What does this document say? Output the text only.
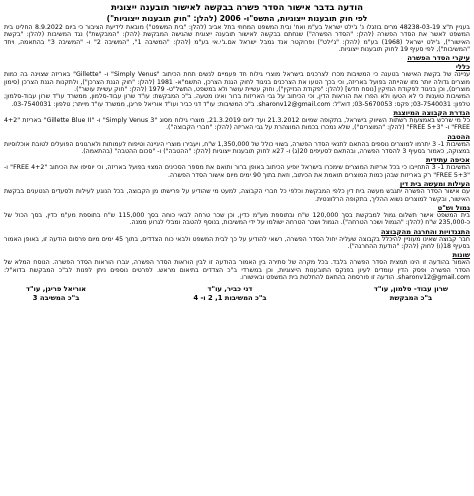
הודעה בדבר אישור הסדר פשרה בבקשה לאישור תובענה ייצוגית
לפי חוק תובענות ייצוגיות, התשס"ו- 2006 (להלן: "חוק תובענות ייצוגיות")

בעניין ת"צ 48238-03-19 מרים בוזגלו נ' ג'ילט ישראל בע"מ ואח' ובית המשפט המחוזי בתל אביב (להלן: "בית המשפט") מובאת לידיעת הציבור כי ביום 8.9.2022 החליט בית המשפט לאשר את הסדר הפשרה (להלן: "הסדר הפשרה") שנחתם בבקשה לאישור תובענה ייצוגית שהגישה המבקשת (להלן: "המבקשת") נגד המשיבות (להלן: "בקשת האישור"), ג'ילט ישראל (1968) בע"מ (להלן: "ג'ילט") ופרוקטר אנד גמבל ישראל אם.ג'י.אי בע"מ (להלן: "המשיבה 1", "המשיבה 2" ו- "המשיבה 3" בהתאמה, ויחד "המשיבות"), לפי סעיף 19 לחוק תובענות ייצוגיות.

עיקרי הסדר הפשרה
כללי

עניינה של בקשת האישור בטענה כי המשיבות מכרו לצרכנים בישראל מוצרי גילוח חד פעמיים לנשים תחת הכיתוב "Simply Venus" ו- "Gillette" באריזה שצוינה בה כמות מוצרים גדולה יותר מזו שהייתה בפועל באריזה, וכי בכך הטעו את הצרכנים בניגוד לחוק הגנת הצרכן, התשמ"א- 1981 (להלן: "חוק הגנת הצרכן"), ולתקנות הגנת הצרכן (סימון מוצרים), וכן בניגוד לפקודת הנזיקין [נוסח חדש] (להלן: "פקודת הנזיקין"), וחוק עשיית עושר ולא במשפט, התשל"ט- 1979 (להלן: "חוק עשיית עושר").

המשיבות טוענות כי לא הטעו ולא הפרו את הוראות הדין, וכי הכיתוב על גבי האריזות ברור ואינו מטעה. ב"כ המבקשת: עו"ד שרון עבוד-סלמון, ממשרד עו"ד שרון עבוד-סלמון; טלפון: 03-7540031; פקס: 03-5670053; דוא"ל: sharonv12@gmail.com. ב"כ המשיבות: עו"ד דני כביר ועו"ד אוריאל פריגן, ממשרד עו"ד מייתר; טלפון: 03-7540031.

הגדרת הקבוצה המיוצגת

כל מי שרכש באמצעות רשתות השיווק בישראל, בתקופה שמיום 21.3.2012 ועד ליום 21.3.2019, מוצרי גילוח מסוג "Simply Venus 3" ו- "Gillette Blue II" באריזת "4+2 FREE" ו- "5+3 FREE" (להלן: "המוצרים"), שלא נמכרו בכמות המוצהרת על גבי האריזה (להלן: "חברי הקבוצה").

ההטבה

המשיבות 1- 3 יתרמו למוצרים נוספים בהתאם לתנאי הסדר הפשרה, בשווי כולל של 1,350,000 ש"ח, ויעבירו מוצרי היגיינה וטיפוח לעמותות ולארגונים הפועלים לטובת אוכלוסיות במצוקה, כאמור בסעיף 3 להסדר הפשרה, ובהתאם לסעיפים 20(ג) ו- 27א לחוק תובענות ייצוגיות (להלן: "ההטבה") ו- "סכום ההטבה" (בהתאמה).

אכיפה עתידית

המשיבות 1- 3 התחייבו כי בכל אריזות המוצרים שימכרו בישראל יופיע הכיתוב באופן ברור ותואם את מספר הסכינים המצוי בפועל באריזה, וכי יוסיפו את הכיתוב "4+2 FREE" ו- "5+3 FREE" רק באריזות שבהן כמות המוצרים תואמת את הכיתוב, וזאת בתוך 90 ימים מיום אישור הסדר הפשרה.

העילות ומעשה בית דין

עם אישור הסדר הפשרה יתגבש מעשה בית דין כלפי המבקשת וכלפי כל חברי הקבוצה, למעט מי שהודיע על פרישתו מן הקבוצה, בכל הנוגע לעילות ולסעדים הנטענים בבקשת האישור, ובקשר למוצרים נשוא ההליך, בתקופה הרלוונטית.

גמול וש"ט

בית המשפט אישר תשלום גמול למבקשת בסך 120,000 ש"ח ובתוספת מע"מ כדין, וכן שכר טרחה לבאי כוחה בסך 115,000 ש"ח בתוספת מע"מ כדין, בסך הכול של כ-235,000 ש"ח (להלן: "הגמול ושכר הטרחה"). הגמול ושכר הטרחה ישולמו על ידי המשיבות, בנוסף להטבה ומבלי לגרוע ממנה.

התנגדויות והחרגה מהקבוצה

חבר קבוצה שאינו מעוניין להיכלל בקבוצה שעליה יחול הסדר הפשרה, רשאי להודיע על כך לבית המשפט ולבאי כוח הצדדים, בתוך 45 ימים מיום פרסום הודעה זו, באופן האמור בסעיף 18(ו) לחוק (להלן: "הודעת ההחרגה").

שונות

האמור בהודעה זו הינו תמצית הסדר הפשרה בלבד. בכל מקרה של סתירה בין האמור בהודעה זו לבין הוראות הסדר הפשרה, יגברו הוראות הסדר הפשרה. הנוסח המלא של הסדר הפשרה ופסק הדין עומדים לעיון בפנקס התובענות הייצוגיות, וכן במשרדי ב"כ הצדדים בתיאום מראש. לפרטים נוספים ניתן לפנות לב"כ המבקשת בדוא"ל: sharonv12@gmail.com. הודעה זו פורסמה בהתאם להחלטת בית המשפט ובאישורו.

שרון עבוד- סלמון, עו"ד
ב"כ המבקשת
דני כביר, עו"ד
ב"כ המשיבות 1, 2 ו- 4
אוריאל פריגן, עו"ד
ב"כ המשיבה 3
